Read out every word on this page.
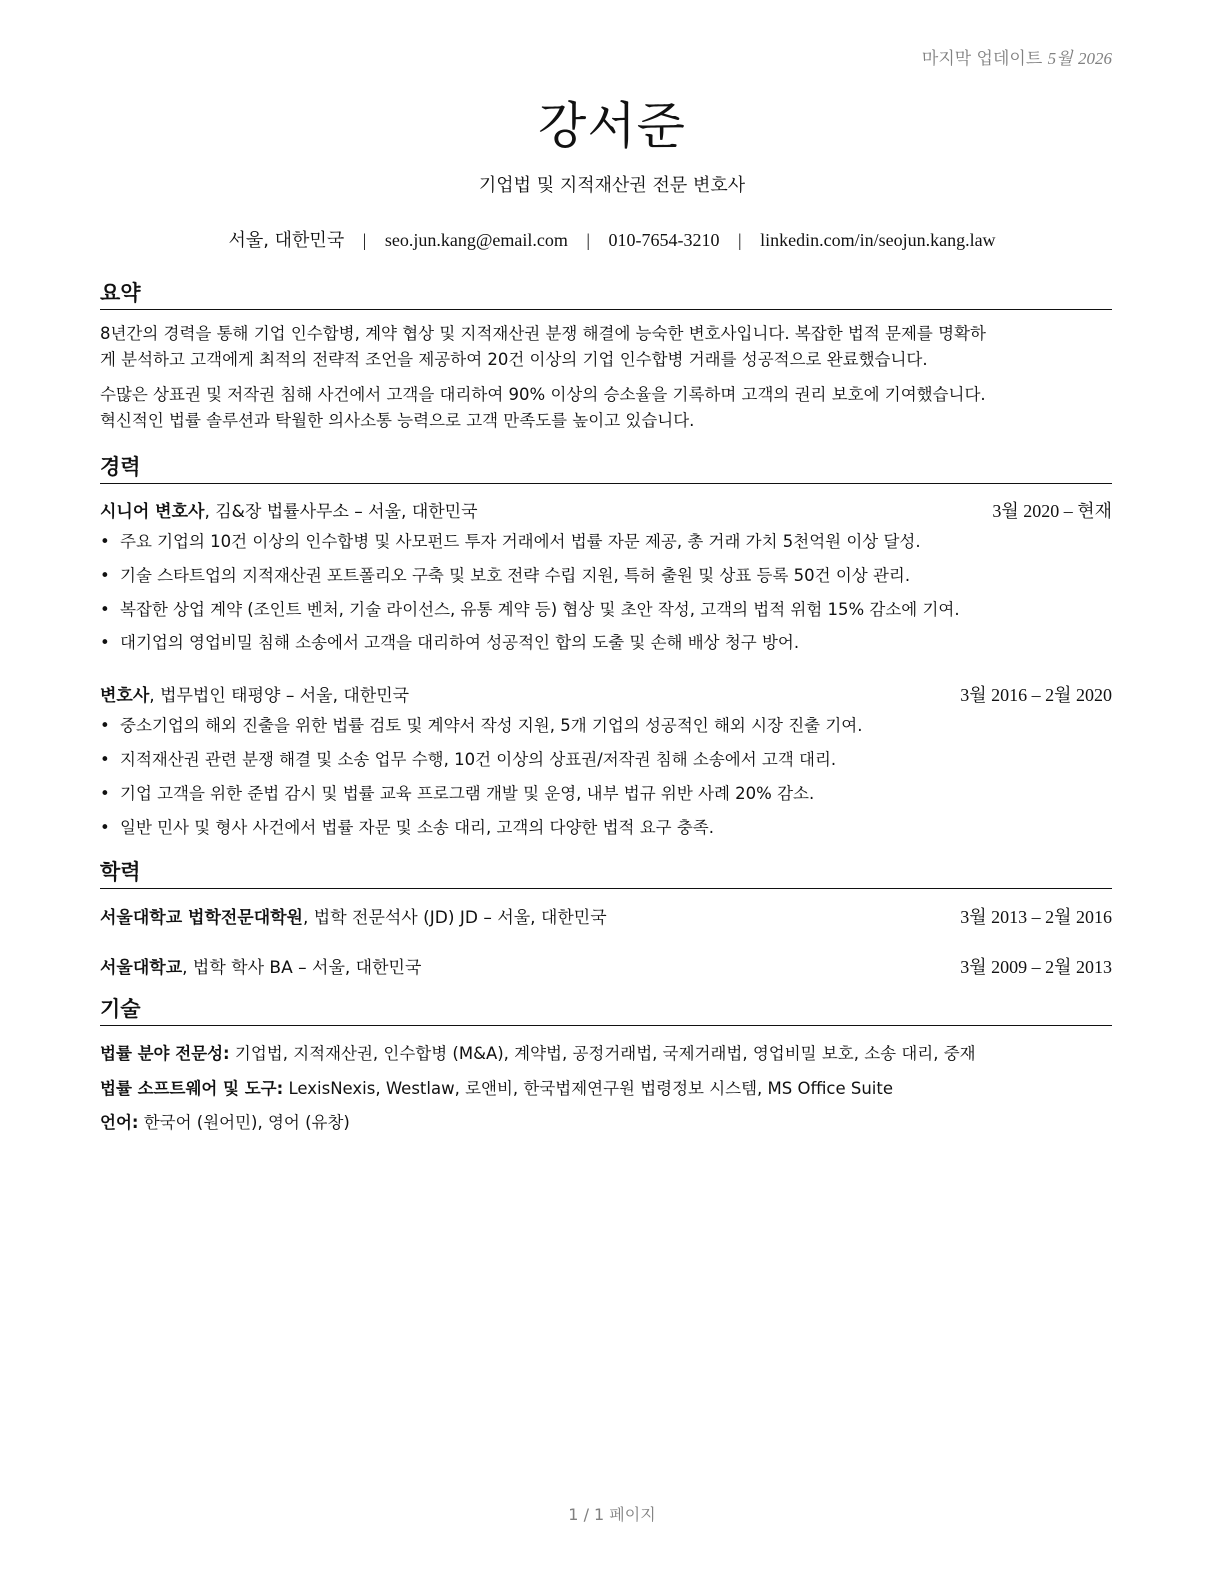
마지막 업데이트 5월 2026
강서준
기업법 및 지적재산권 전문 변호사
서울, 대한민국 | seo.jun.kang@email.com | 010-7654-3210 | linkedin.com/in/seojun.kang.law
요약
8년간의 경력을 통해 기업 인수합병, 계약 협상 및 지적재산권 분쟁 해결에 능숙한 변호사입니다. 복잡한 법적 문제를 명확하
게 분석하고 고객에게 최적의 전략적 조언을 제공하여 20건 이상의 기업 인수합병 거래를 성공적으로 완료했습니다.
수많은 상표권 및 저작권 침해 사건에서 고객을 대리하여 90% 이상의 승소율을 기록하며 고객의 권리 보호에 기여했습니다.
혁신적인 법률 솔루션과 탁월한 의사소통 능력으로 고객 만족도를 높이고 있습니다.
경력
시니어 변호사, 김&장 법률사무소 – 서울, 대한민국	3월 2020 – 현재
• 주요 기업의 10건 이상의 인수합병 및 사모펀드 투자 거래에서 법률 자문 제공, 총 거래 가치 5천억원 이상 달성.
• 기술 스타트업의 지적재산권 포트폴리오 구축 및 보호 전략 수립 지원, 특허 출원 및 상표 등록 50건 이상 관리.
• 복잡한 상업 계약 (조인트 벤처, 기술 라이선스, 유통 계약 등) 협상 및 초안 작성, 고객의 법적 위험 15% 감소에 기여.
• 대기업의 영업비밀 침해 소송에서 고객을 대리하여 성공적인 합의 도출 및 손해 배상 청구 방어.
변호사, 법무법인 태평양 – 서울, 대한민국	3월 2016 – 2월 2020
• 중소기업의 해외 진출을 위한 법률 검토 및 계약서 작성 지원, 5개 기업의 성공적인 해외 시장 진출 기여.
• 지적재산권 관련 분쟁 해결 및 소송 업무 수행, 10건 이상의 상표권/저작권 침해 소송에서 고객 대리.
• 기업 고객을 위한 준법 감시 및 법률 교육 프로그램 개발 및 운영, 내부 법규 위반 사례 20% 감소.
• 일반 민사 및 형사 사건에서 법률 자문 및 소송 대리, 고객의 다양한 법적 요구 충족.
학력
서울대학교 법학전문대학원, 법학 전문석사 (JD) JD – 서울, 대한민국	3월 2013 – 2월 2016
서울대학교, 법학 학사 BA – 서울, 대한민국	3월 2009 – 2월 2013
기술
법률 분야 전문성: 기업법, 지적재산권, 인수합병 (M&A), 계약법, 공정거래법, 국제거래법, 영업비밀 보호, 소송 대리, 중재
법률 소프트웨어 및 도구: LexisNexis, Westlaw, 로앤비, 한국법제연구원 법령정보 시스템, MS Office Suite
언어: 한국어 (원어민), 영어 (유창)
1 / 1 페이지
